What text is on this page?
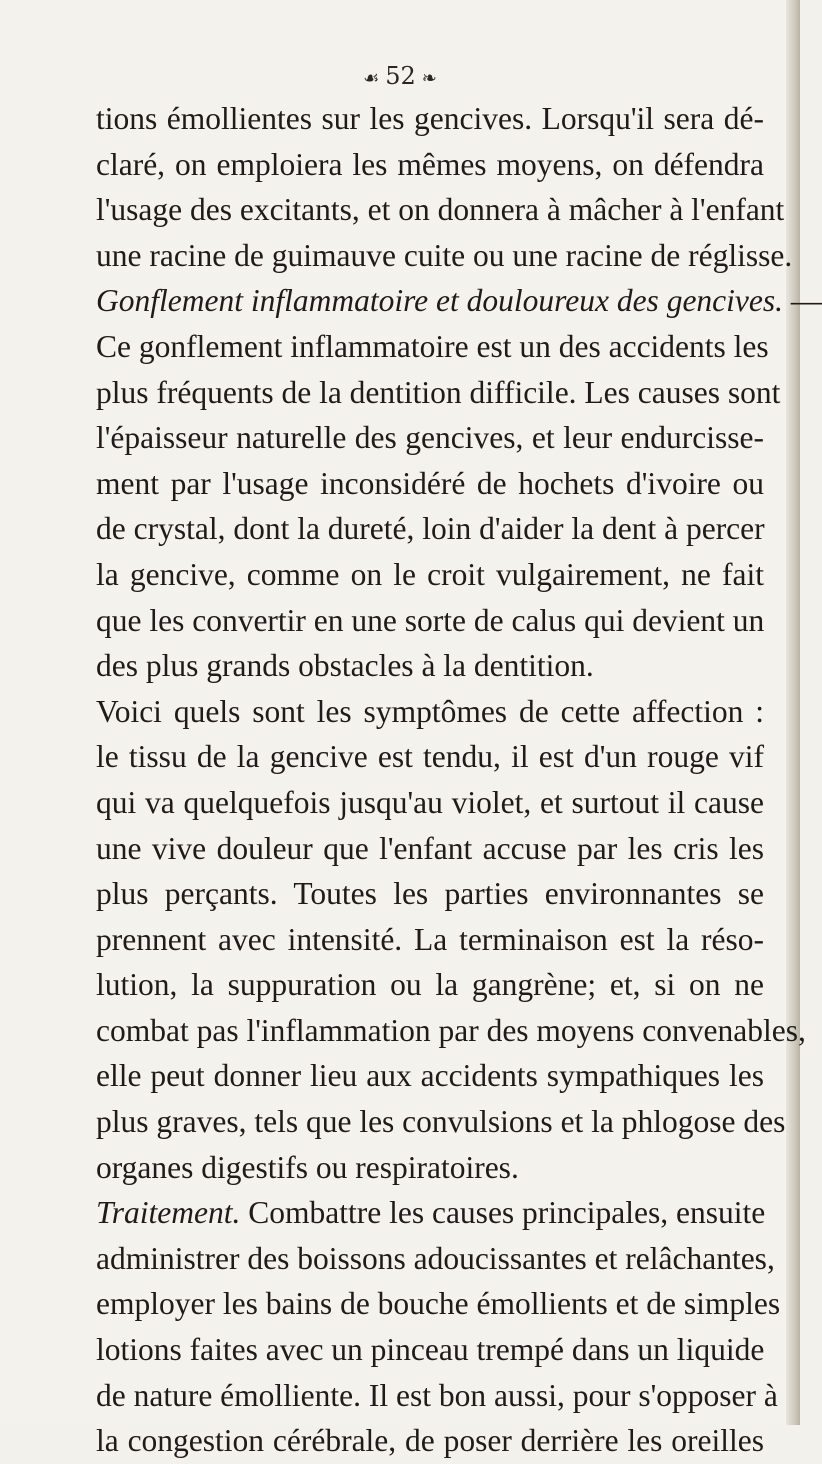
☙ 52 ❧
tions émollientes sur les gencives. Lorsqu'il sera dé-
claré, on emploiera les mêmes moyens, on défendra
l'usage des excitants, et on donnera à mâcher à l'enfant
une racine de guimauve cuite ou une racine de réglisse.
Gonflement inflammatoire et douloureux des gencives. —
Ce gonflement inflammatoire est un des accidents les
plus fréquents de la dentition difficile. Les causes sont
l'épaisseur naturelle des gencives, et leur endurcisse-
ment par l'usage inconsidéré de hochets d'ivoire ou
de crystal, dont la dureté, loin d'aider la dent à percer
la gencive, comme on le croit vulgairement, ne fait
que les convertir en une sorte de calus qui devient un
des plus grands obstacles à la dentition.
Voici quels sont les symptômes de cette affection :
le tissu de la gencive est tendu, il est d'un rouge vif
qui va quelquefois jusqu'au violet, et surtout il cause
une vive douleur que l'enfant accuse par les cris les
plus perçants. Toutes les parties environnantes se
prennent avec intensité. La terminaison est la réso-
lution, la suppuration ou la gangrène; et, si on ne
combat pas l'inflammation par des moyens convenables,
elle peut donner lieu aux accidents sympathiques les
plus graves, tels que les convulsions et la phlogose des
organes digestifs ou respiratoires.
Traitement. Combattre les causes principales, ensuite
administrer des boissons adoucissantes et relâchantes,
employer les bains de bouche émollients et de simples
lotions faites avec un pinceau trempé dans un liquide
de nature émolliente. Il est bon aussi, pour s'opposer à
la congestion cérébrale, de poser derrière les oreilles
